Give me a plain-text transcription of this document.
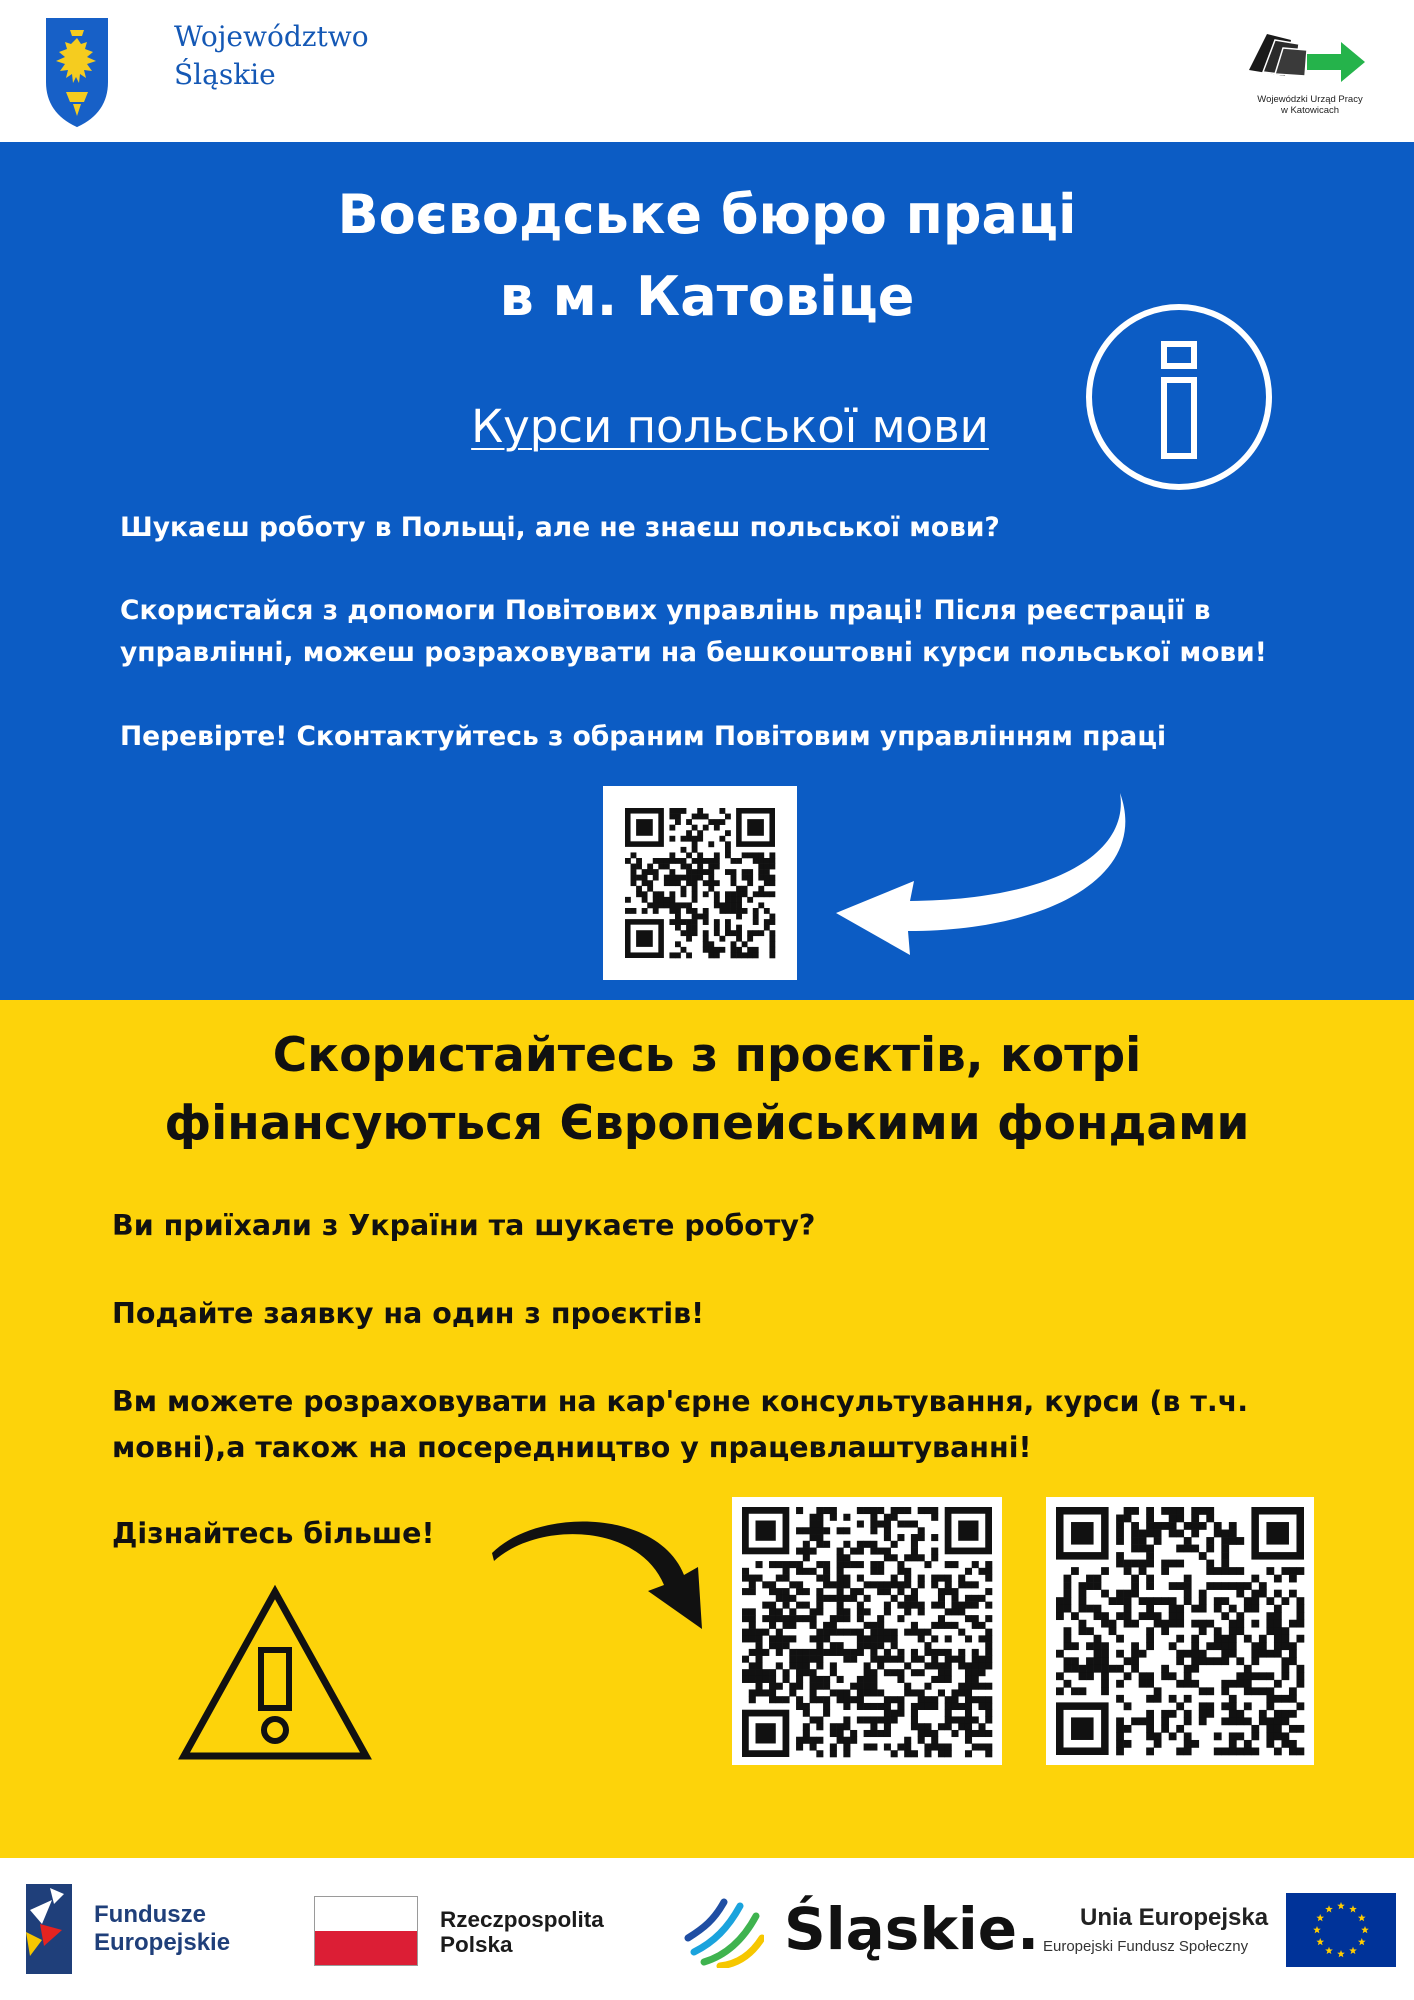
Województwo
Śląskie
Wojewódzki Urząd Pracy
w Katowicach
Воєводське бюро праці
в м. Катовіце
Курси польської мови
Шукаєш роботу в Польщі, але не знаєш польської мови?
Скористайся з допомоги Повітових управлінь праці! Після реєстрації в управлінні, можеш розраховувати на бешкоштовні курси польської мови!
Перевірте! Сконтактуйтесь з обраним Повітовим управлінням праці
Скористайтесь з проєктів, котрі
фінансуються Європейськими фондами
Ви приїхали з України та шукаєте роботу?
Подайте заявку на один з проєктів!
Вм можете розраховувати на кар'єрне консультування, курси (в т.ч. мовні),а також на посередництво у працевлаштуванні!
Дізнайтесь більше!
Fundusze
Europejskie
Rzeczpospolita
Polska	Śląskie. Unia Europejska
Europejski Fundusz Społeczny
